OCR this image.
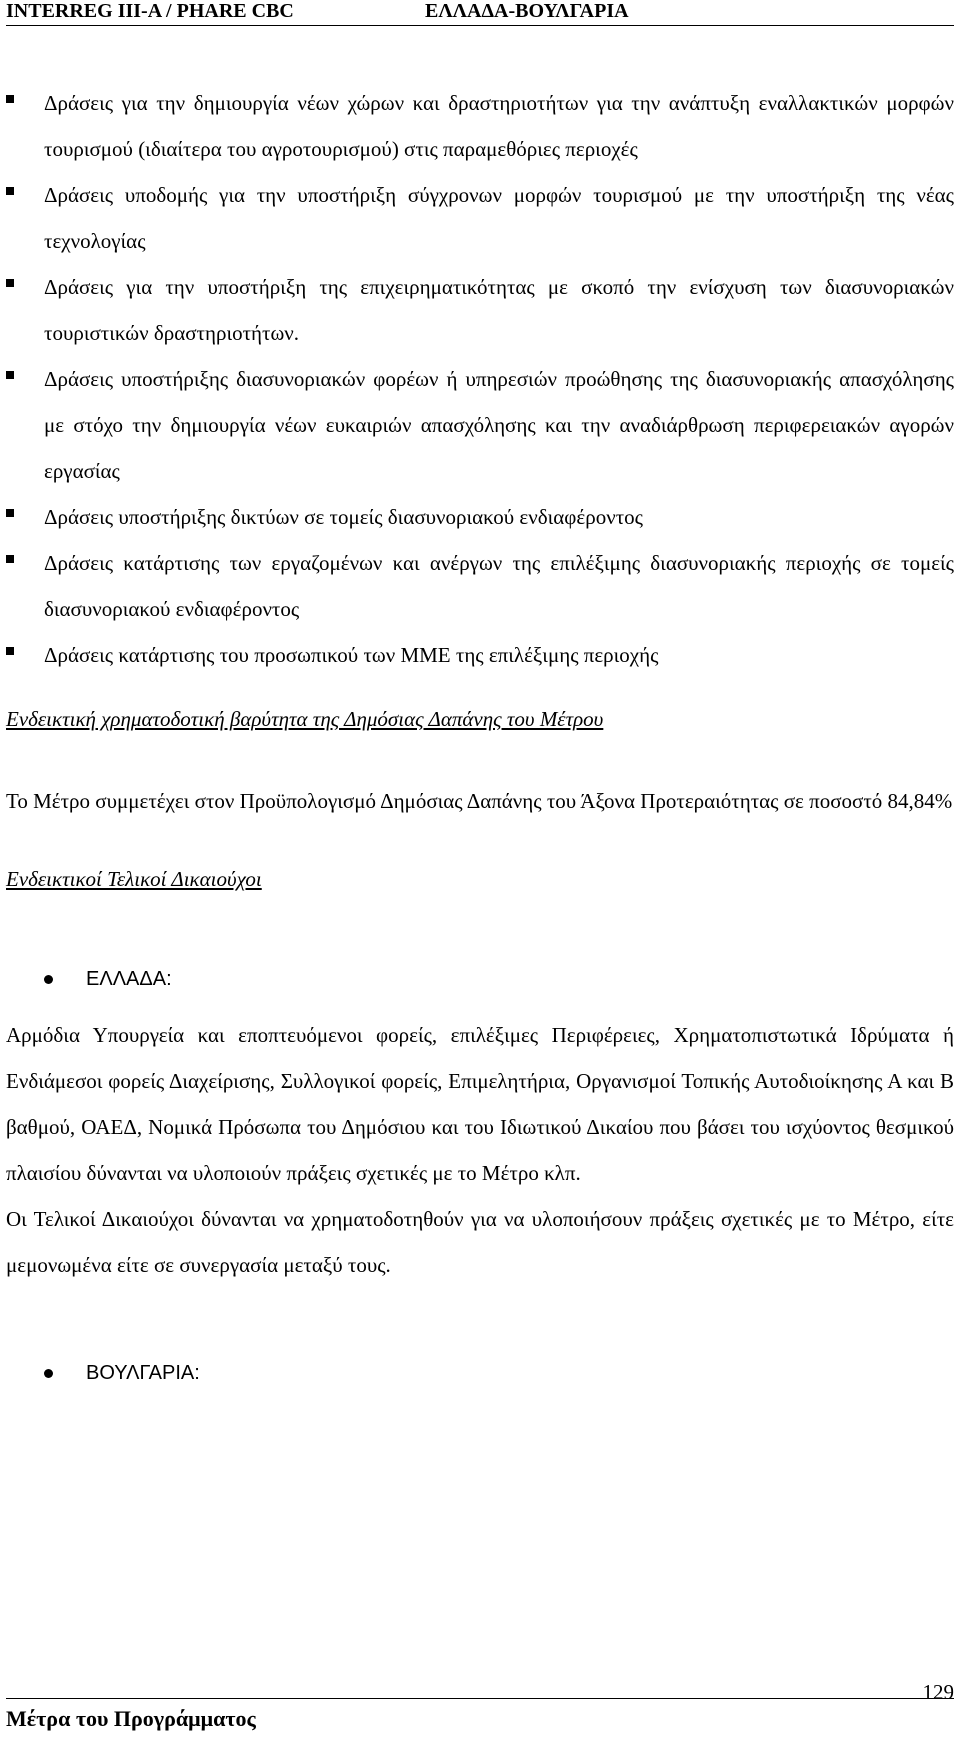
INTERREG III-A / PHARE CBC	ΕΛΛΑΔΑ-ΒΟΥΛΓΑΡΙΑ
Δράσεις για την δημιουργία νέων χώρων και δραστηριοτήτων για την ανάπτυξη εναλλακτικών μορφών τουρισμού (ιδιαίτερα του αγροτουρισμού) στις παραμεθόριες περιοχές
Δράσεις υποδομής για την υποστήριξη σύγχρονων μορφών τουρισμού με την υποστήριξη της νέας τεχνολογίας
Δράσεις για την υποστήριξη της επιχειρηματικότητας με σκοπό την ενίσχυση των διασυνοριακών τουριστικών δραστηριοτήτων.
Δράσεις υποστήριξης διασυνοριακών φορέων ή υπηρεσιών προώθησης της διασυνοριακής απασχόλησης με στόχο την δημιουργία νέων ευκαιριών απασχόλησης και την αναδιάρθρωση περιφερειακών αγορών εργασίας
Δράσεις υποστήριξης δικτύων σε τομείς διασυνοριακού ενδιαφέροντος
Δράσεις κατάρτισης των εργαζομένων και ανέργων της επιλέξιμης διασυνοριακής περιοχής σε τομείς διασυνοριακού ενδιαφέροντος
Δράσεις κατάρτισης του προσωπικού των ΜΜΕ της επιλέξιμης περιοχής
Ενδεικτική χρηματοδοτική βαρύτητα της Δημόσιας Δαπάνης του Μέτρου
Το Μέτρο συμμετέχει στον Προϋπολογισμό Δημόσιας Δαπάνης του Άξονα Προτεραιότητας σε ποσοστό 84,84%
Ενδεικτικοί Τελικοί Δικαιούχοι
ΕΛΛΑΔΑ:
Αρμόδια Υπουργεία και εποπτευόμενοι φορείς, επιλέξιμες Περιφέρειες, Χρηματοπιστωτικά Ιδρύματα ή Ενδιάμεσοι φορείς Διαχείρισης, Συλλογικοί φορείς, Επιμελητήρια, Οργανισμοί Τοπικής Αυτοδιοίκησης Α και Β βαθμού, ΟΑΕΔ, Νομικά Πρόσωπα του Δημόσιου και του Ιδιωτικού Δικαίου που βάσει του ισχύοντος θεσμικού πλαισίου δύνανται να υλοποιούν πράξεις σχετικές με το Μέτρο κλπ.
Οι Τελικοί Δικαιούχοι δύνανται να χρηματοδοτηθούν για να υλοποιήσουν πράξεις σχετικές με το Μέτρο, είτε μεμονωμένα είτε σε συνεργασία μεταξύ τους.
ΒΟΥΛΓΑΡΙΑ:
129
Μέτρα του Προγράμματος
